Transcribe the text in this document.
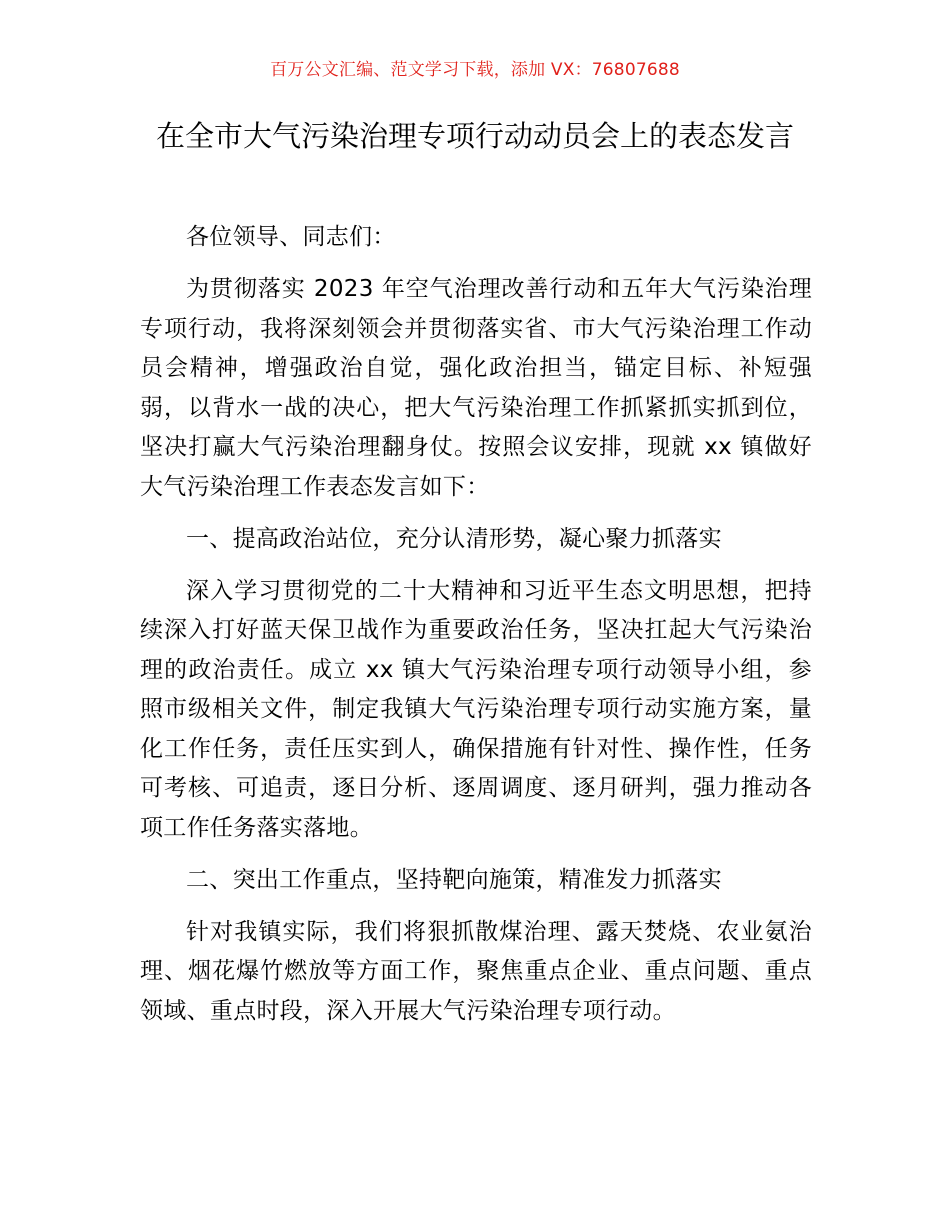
百万公文汇编、范文学习下载，添加 VX：76807688
在全市大气污染治理专项行动动员会上的表态发言

各位领导、同志们：

为贯彻落实 2023 年空气治理改善行动和五年大气污染治理专项行动，我将深刻领会并贯彻落实省、市大气污染治理工作动员会精神，增强政治自觉，强化政治担当，锚定目标、补短强弱，以背水一战的决心，把大气污染治理工作抓紧抓实抓到位，坚决打赢大气污染治理翻身仗。按照会议安排，现就 xx 镇做好大气污染治理工作表态发言如下：

一、提高政治站位，充分认清形势，凝心聚力抓落实

深入学习贯彻党的二十大精神和习近平生态文明思想，把持续深入打好蓝天保卫战作为重要政治任务，坚决扛起大气污染治理的政治责任。成立 xx 镇大气污染治理专项行动领导小组，参照市级相关文件，制定我镇大气污染治理专项行动实施方案，量化工作任务，责任压实到人，确保措施有针对性、操作性，任务可考核、可追责，逐日分析、逐周调度、逐月研判，强力推动各项工作任务落实落地。

二、突出工作重点，坚持靶向施策，精准发力抓落实

针对我镇实际，我们将狠抓散煤治理、露天焚烧、农业氨治理、烟花爆竹燃放等方面工作，聚焦重点企业、重点问题、重点领域、重点时段，深入开展大气污染治理专项行动。
